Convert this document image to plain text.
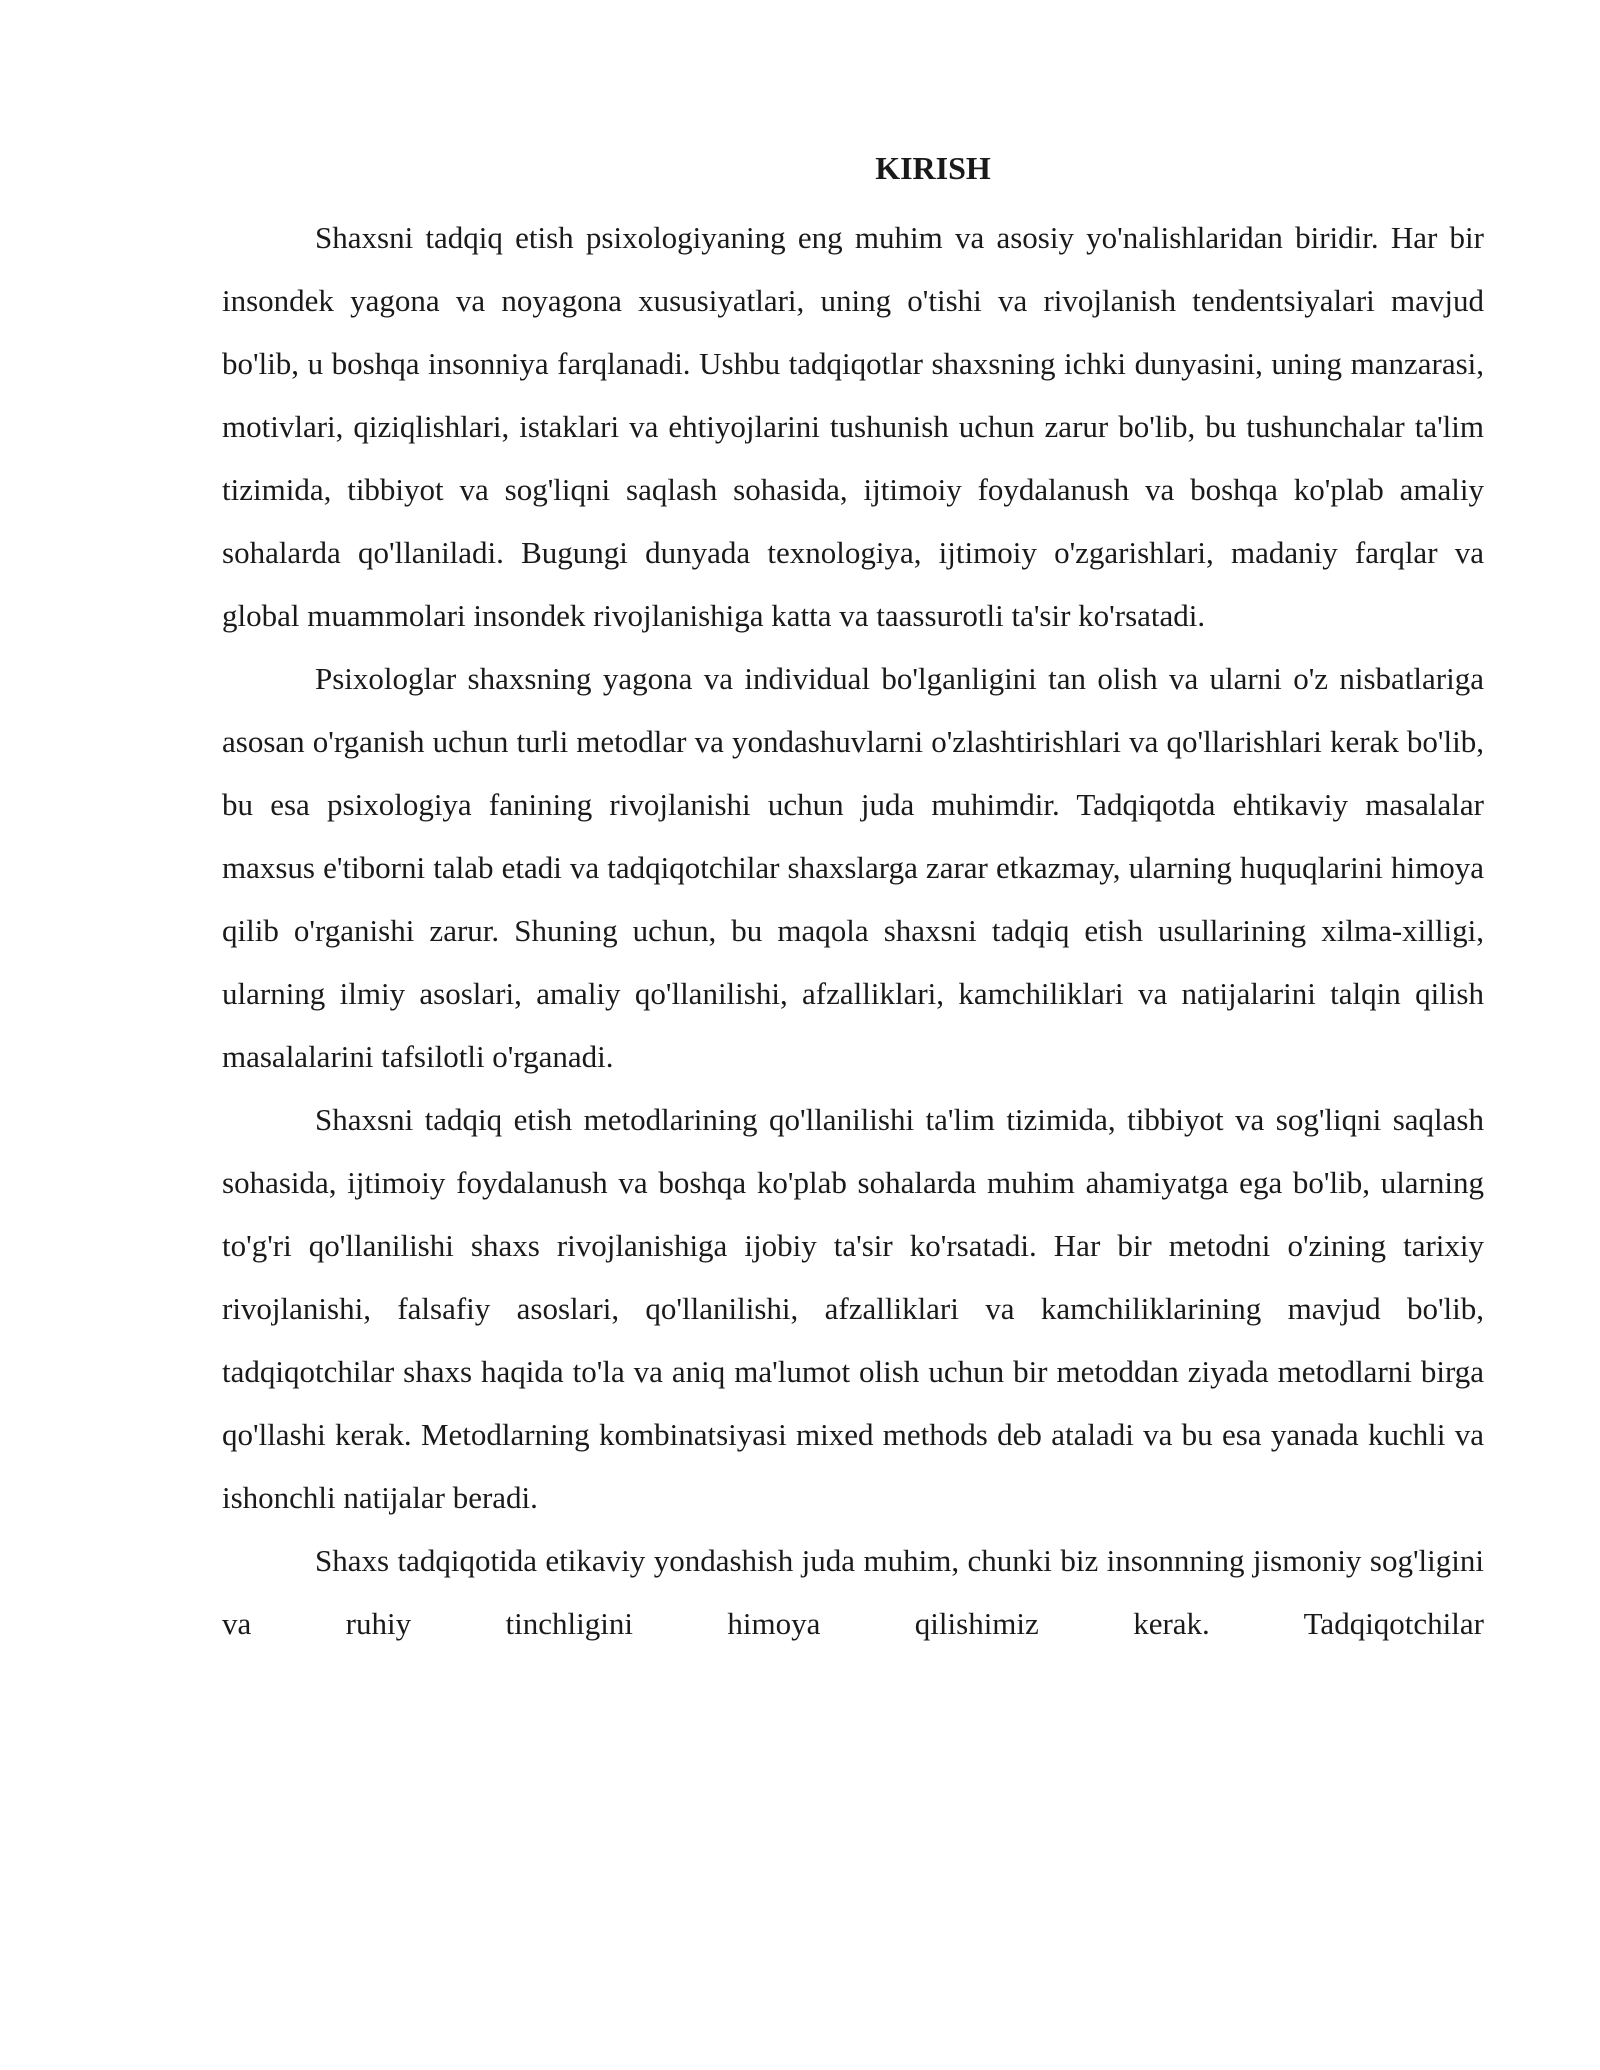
KIRISH

Shaxsni tadqiq etish psixologiyaning eng muhim va asosiy yo'nalishlaridan biridir. Har bir insondek yagona va noyagona xususiyatlari, uning o'tishi va rivojlanish tendentsiyalari mavjud bo'lib, u boshqa insonniya farqlanadi. Ushbu tadqiqotlar shaxsning ichki dunyasini, uning manzarasi, motivlari, qiziqlishlari, istaklari va ehtiyojlarini tushunish uchun zarur bo'lib, bu tushunchalar ta'lim tizimida, tibbiyot va sog'liqni saqlash sohasida, ijtimoiy foydalanush va boshqa ko'plab amaliy sohalarda qo'llaniladi. Bugungi dunyada texnologiya, ijtimoiy o'zgarishlari, madaniy farqlar va global muammolari insondek rivojlanishiga katta va taassurotli ta'sir ko'rsatadi.

Psixologlar shaxsning yagona va individual bo'lganligini tan olish va ularni o'z nisbatlariga asosan o'rganish uchun turli metodlar va yondashuvlarni o'zlashtirishlari va qo'llarishlari kerak bo'lib, bu esa psixologiya fanining rivojlanishi uchun juda muhimdir. Tadqiqotda ehtikaviy masalalar maxsus e'tiborni talab etadi va tadqiqotchilar shaxslarga zarar etkazmay, ularning huquqlarini himoya qilib o'rganishi zarur. Shuning uchun, bu maqola shaxsni tadqiq etish usullarining xilma-xilligi, ularning ilmiy asoslari, amaliy qo'llanilishi, afzalliklari, kamchiliklari va natijalarini talqin qilish masalalarini tafsilotli o'rganadi.

Shaxsni tadqiq etish metodlarining qo'llanilishi ta'lim tizimida, tibbiyot va sog'liqni saqlash sohasida, ijtimoiy foydalanush va boshqa ko'plab sohalarda muhim ahamiyatga ega bo'lib, ularning to'g'ri qo'llanilishi shaxs rivojlanishiga ijobiy ta'sir ko'rsatadi. Har bir metodni o'zining tarixiy rivojlanishi, falsafiy asoslari, qo'llanilishi, afzalliklari va kamchiliklarining mavjud bo'lib, tadqiqotchilar shaxs haqida to'la va aniq ma'lumot olish uchun bir metoddan ziyada metodlarni birga qo'llashi kerak. Metodlarning kombinatsiyasi mixed methods deb ataladi va bu esa yanada kuchli va ishonchli natijalar beradi.

Shaxs tadqiqotida etikaviy yondashish juda muhim, chunki biz insonnning jismoniy sog'ligini va ruhiy tinchligini himoya qilishimiz kerak. Tadqiqotchilar
